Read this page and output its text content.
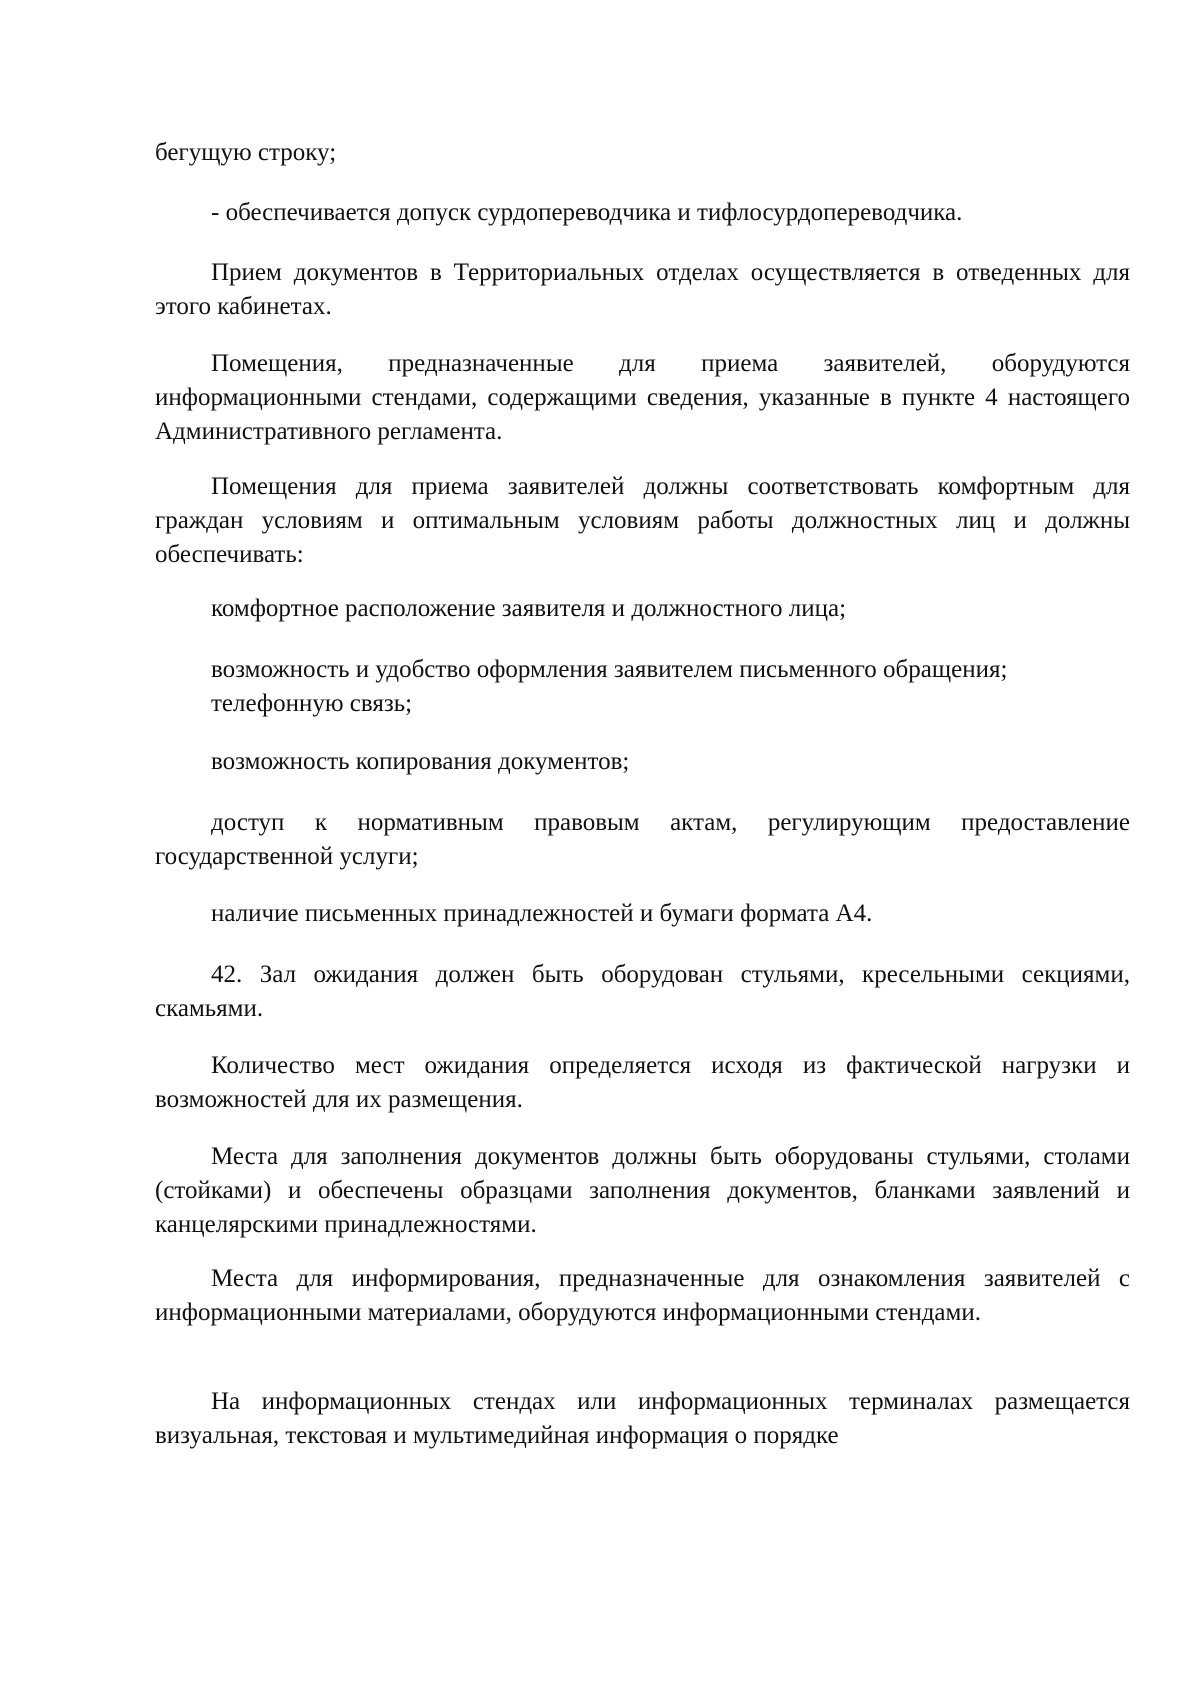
бегущую строку;

- обеспечивается допуск сурдопереводчика и тифлосурдопереводчика.

Прием документов в Территориальных отделах осуществляется в отведенных для этого кабинетах.

Помещения, предназначенные для приема заявителей, оборудуются информационными стендами, содержащими сведения, указанные в пункте 4 настоящего Административного регламента.

Помещения для приема заявителей должны соответствовать комфортным для граждан условиям и оптимальным условиям работы должностных лиц и должны обеспечивать:

комфортное расположение заявителя и должностного лица;

возможность и удобство оформления заявителем письменного обращения;
телефонную связь;

возможность копирования документов;

доступ к нормативным правовым актам, регулирующим предоставление государственной услуги;

наличие письменных принадлежностей и бумаги формата А4.

42. Зал ожидания должен быть оборудован стульями, кресельными секциями, скамьями.

Количество мест ожидания определяется исходя из фактической нагрузки и возможностей для их размещения.

Места для заполнения документов должны быть оборудованы стульями, столами (стойками) и обеспечены образцами заполнения документов, бланками заявлений и канцелярскими принадлежностями.

Места для информирования, предназначенные для ознакомления заявителей с информационными материалами, оборудуются информационными стендами.

На информационных стендах или информационных терминалах размещается визуальная, текстовая и мультимедийная информация о порядке
